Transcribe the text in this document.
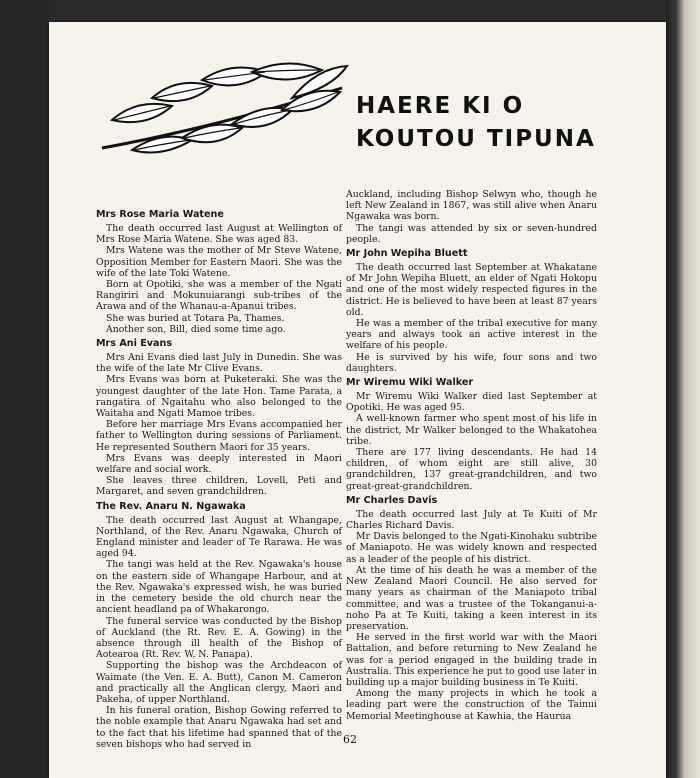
HAERE KI O
KOUTOU TIPUNA
Mrs Rose Maria Watene

The death occurred last August at Wellington of Mrs Rose Maria Watene. She was aged 83.

Mrs Watene was the mother of Mr Steve Watene, Opposition Member for Eastern Maori. She was the wife of the late Toki Watene.

Born at Opotiki, she was a member of the Ngati Rangiriri and Mokunuiarangi sub-tribes of the Arawa and of the Whanau-a-Apanui tribes.

She was buried at Totara Pa, Thames.

Another son, Bill, died some time ago.

Mrs Ani Evans

Mrs Ani Evans died last July in Dunedin. She was the wife of the late Mr Clive Evans.

Mrs Evans was born at Puketeraki. She was the youngest daughter of the late Hon. Tame Parata, a rangatira of Ngaitahu who also belonged to the Waitaha and Ngati Mamoe tribes.

Before her marriage Mrs Evans accompanied her father to Wellington during sessions of Parliament. He represented Southern Maori for 35 years.

Mrs Evans was deeply interested in Maori welfare and social work.

She leaves three children, Lovell, Peti and Margaret, and seven grandchildren.

The Rev. Anaru N. Ngawaka

The death occurred last August at Whangape, Northland, of the Rev. Anaru Ngawaka, Church of England minister and leader of Te Rarawa. He was aged 94.

The tangi was held at the Rev. Ngawaka's house on the eastern side of Whangape Harbour, and at the Rev. Ngawaka's expressed wish, he was buried in the cemetery beside the old church near the ancient headland pa of Whakarongo.

The funeral service was conducted by the Bishop of Auckland (the Rt. Rev. E. A. Gowing) in the absence through ill health of the Bishop of Aotearoa (Rt. Rev. W. N. Panapa).

Supporting the bishop was the Archdeacon of Waimate (the Ven. E. A. Butt), Canon M. Cameron and practically all the Anglican clergy, Maori and Pakeha, of upper Northland.

In his funeral oration, Bishop Gowing referred to the noble example that Anaru Ngawaka had set and to the fact that his lifetime had spanned that of the seven bishops who had served in

Auckland, including Bishop Selwyn who, though he left New Zealand in 1867, was still alive when Anaru Ngawaka was born.

The tangi was attended by six or seven-hundred people.

Mr John Wepiha Bluett

The death occurred last September at Whakatane of Mr John Wepiha Bluett, an elder of Ngati Hokopu and one of the most widely respected figures in the district. He is believed to have been at least 87 years old.

He was a member of the tribal executive for many years and always took an active interest in the welfare of his people.

He is survived by his wife, four sons and two daughters.

Mr Wiremu Wiki Walker

Mr Wiremu Wiki Walker died last September at Opotiki. He was aged 95.

A well-known farmer who spent most of his life in the district, Mr Walker belonged to the Whakatohea tribe.

There are 177 living descendants. He had 14 children, of whom eight are still alive, 30 grandchildren, 137 great-grandchildren, and two great-great-grandchildren.

Mr Charles Davis

The death occurred last July at Te Kuiti of Mr Charles Richard Davis.

Mr Davis belonged to the Ngati-Kinohaku subtribe of Maniapoto. He was widely known and respected as a leader of the people of his district.

At the time of his death he was a member of the New Zealand Maori Council. He also served for many years as chairman of the Maniapoto tribal committee, and was a trustee of the Tokanganui-a-noho Pa at Te Kuiti, taking a keen interest in its preservation.

He served in the first world war with the Maori Battalion, and before returning to New Zealand he was for a period engaged in the building trade in Australia. This experience he put to good use later in building up a major building business in Te Kuiti.

Among the many projects in which he took a leading part were the construction of the Tainui Memorial Meetinghouse at Kawhia, the Haurua

62
